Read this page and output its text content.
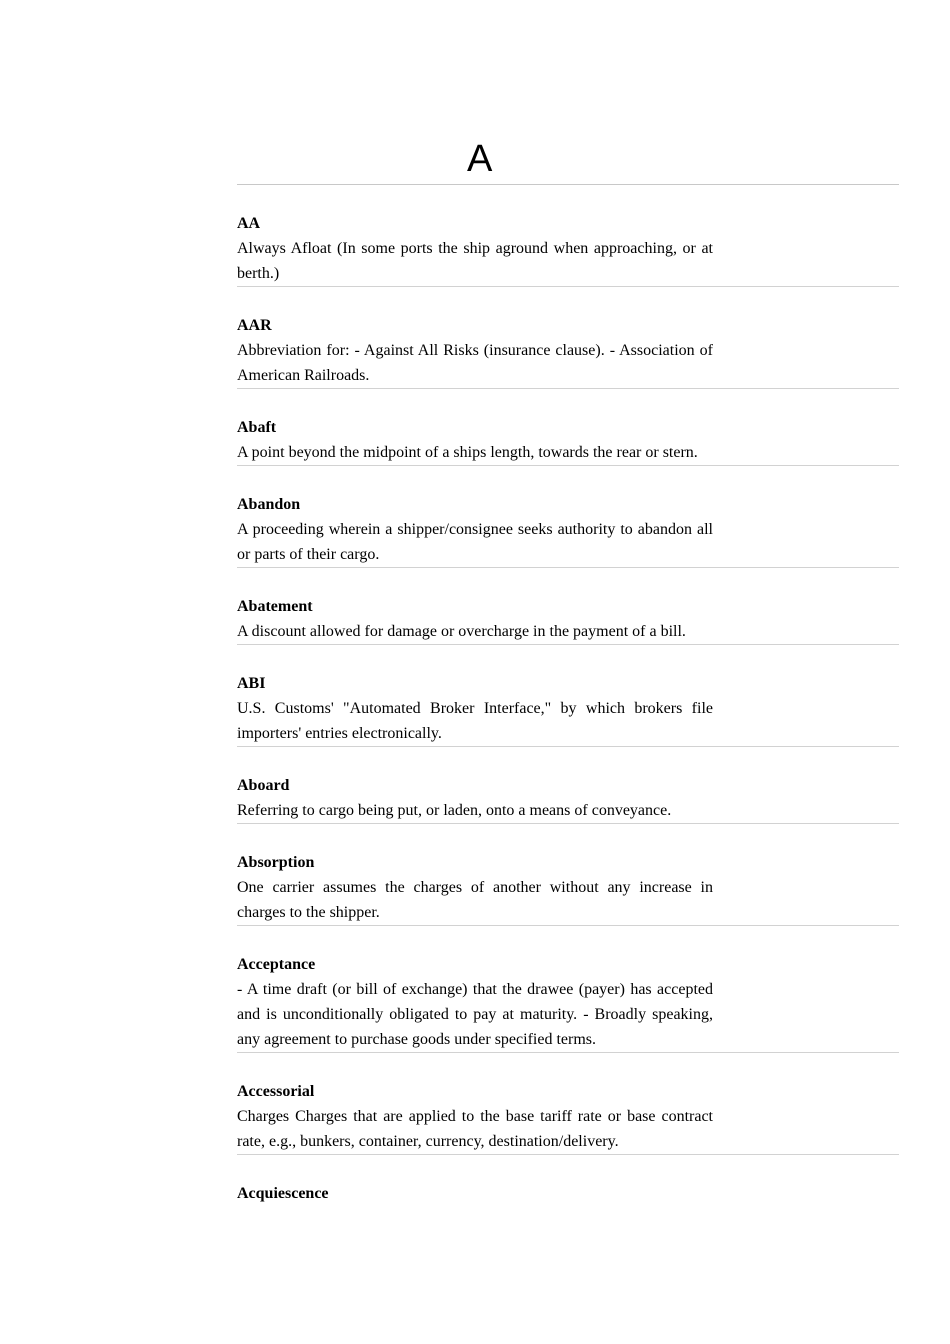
A
AA

Always Afloat (In some ports the ship aground when approaching, or at berth.)

AAR

Abbreviation for: - Against All Risks (insurance clause). - Association of American Railroads.

Abaft

A point beyond the midpoint of a ships length, towards the rear or stern.

Abandon

A proceeding wherein a shipper/consignee seeks authority to abandon all or parts of their cargo.

Abatement

A discount allowed for damage or overcharge in the payment of a bill.

ABI

U.S. Customs' "Automated Broker Interface," by which brokers file importers' entries electronically.

Aboard

Referring to cargo being put, or laden, onto a means of conveyance.

Absorption

One carrier assumes the charges of another without any increase in charges to the shipper.

Acceptance

- A time draft (or bill of exchange) that the drawee (payer) has accepted and is unconditionally obligated to pay at maturity. - Broadly speaking, any agreement to purchase goods under specified terms.

Accessorial

Charges Charges that are applied to the base tariff rate or base contract rate, e.g., bunkers, container, currency, destination/delivery.

Acquiescence
